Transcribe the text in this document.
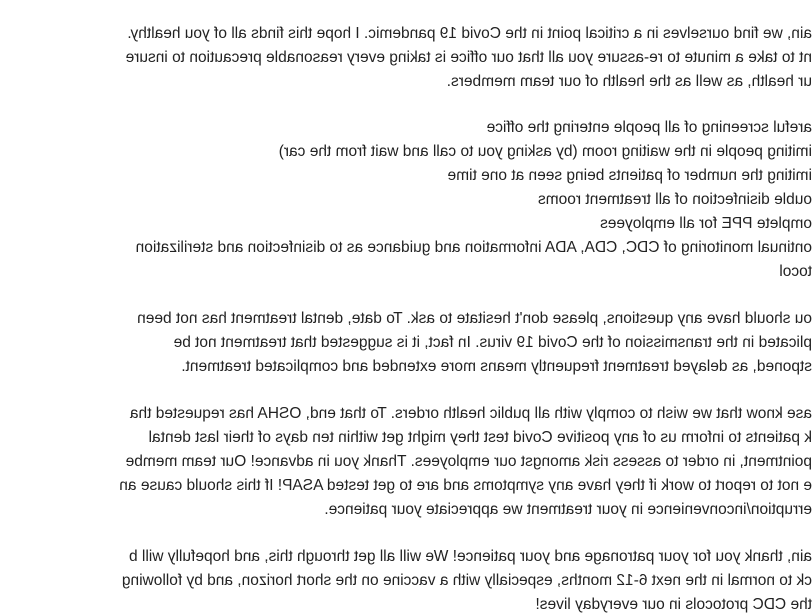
ain, we find ourselves in a critical point in the Covid 19 pandemic. I hope this finds all of you healthy.
nt to take a minute to re-assure you all that our office is taking every reasonable precaution to insure
ur health, as well as the health of our team members.
areful screening of all people entering the office
imiting people in the waiting room (by asking you to call and wait from the car)
imiting the number of patients being seen at one time
ouble disinfection of all treatment rooms
omplete PPE for all employees
ontinual monitoring of CDC, CDA, ADA information and guidance as to disinfection and sterilization
tocol
ou should have any questions, please don't hesitate to ask. To date, dental treatment has not been
plicated in the transmission of the Covid 19 virus. In fact, it is suggested that treatment not be
stponed, as delayed treatment frequently means more extended and complicated treatment.
ase know that we wish to comply with all public health orders. To that end, OSHA has requested tha
k patients to inform us of any positive Covid test they might get within ten days of their last dental
pointment, in order to assess risk amongst our employees. Thank you in advance! Our team membe
e not to report to work if they have any symptoms and are to get tested ASAP! If this should cause an
erruption/inconvenience in your treatment we appreciate your patience.
ain, thank you for your patronage and your patience! We will all get through this, and hopefully will b
ck to normal in the next 6-12 months, especially with a vaccine on the short horizon, and by following
the CDC protocols in our everyday lives!
